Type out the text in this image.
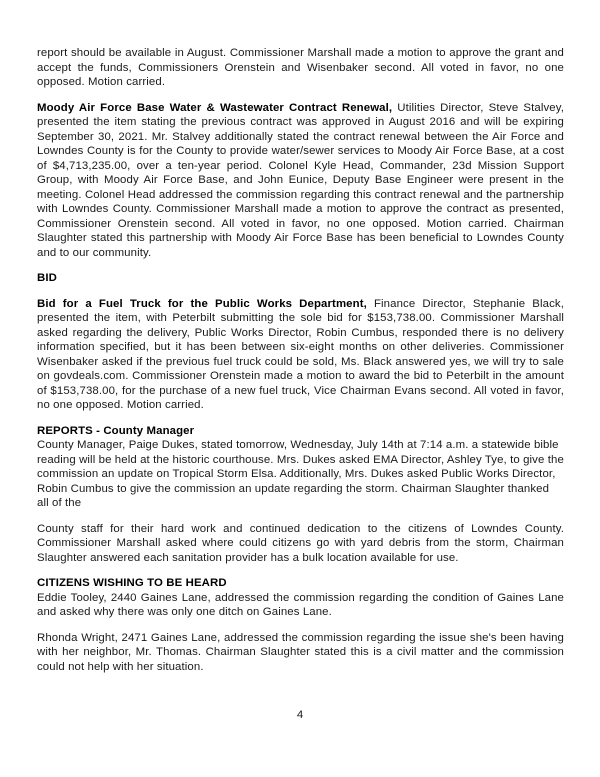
report should be available in August. Commissioner Marshall made a motion to approve the grant and accept the funds, Commissioners Orenstein and Wisenbaker second. All voted in favor, no one opposed. Motion carried.

Moody Air Force Base Water & Wastewater Contract Renewal, Utilities Director, Steve Stalvey, presented the item stating the previous contract was approved in August 2016 and will be expiring September 30, 2021. Mr. Stalvey additionally stated the contract renewal between the Air Force and Lowndes County is for the County to provide water/sewer services to Moody Air Force Base, at a cost of $4,713,235.00, over a ten-year period. Colonel Kyle Head, Commander, 23d Mission Support Group, with Moody Air Force Base, and John Eunice, Deputy Base Engineer were present in the meeting. Colonel Head addressed the commission regarding this contract renewal and the partnership with Lowndes County. Commissioner Marshall made a motion to approve the contract as presented, Commissioner Orenstein second. All voted in favor, no one opposed. Motion carried. Chairman Slaughter stated this partnership with Moody Air Force Base has been beneficial to Lowndes County and to our community.

BID

Bid for a Fuel Truck for the Public Works Department, Finance Director, Stephanie Black, presented the item, with Peterbilt submitting the sole bid for $153,738.00. Commissioner Marshall asked regarding the delivery, Public Works Director, Robin Cumbus, responded there is no delivery information specified, but it has been between six-eight months on other deliveries. Commissioner Wisenbaker asked if the previous fuel truck could be sold, Ms. Black answered yes, we will try to sale on govdeals.com. Commissioner Orenstein made a motion to award the bid to Peterbilt in the amount of $153,738.00, for the purchase of a new fuel truck, Vice Chairman Evans second. All voted in favor, no one opposed. Motion carried.

REPORTS - County Manager

County Manager, Paige Dukes, stated tomorrow, Wednesday, July 14th at 7:14 a.m. a statewide bible reading will be held at the historic courthouse. Mrs. Dukes asked EMA Director, Ashley Tye, to give the commission an update on Tropical Storm Elsa. Additionally, Mrs. Dukes asked Public Works Director, Robin Cumbus to give the commission an update regarding the storm. Chairman Slaughter thanked all of the

County staff for their hard work and continued dedication to the citizens of Lowndes County. Commissioner Marshall asked where could citizens go with yard debris from the storm, Chairman Slaughter answered each sanitation provider has a bulk location available for use.

CITIZENS WISHING TO BE HEARD

Eddie Tooley, 2440 Gaines Lane, addressed the commission regarding the condition of Gaines Lane and asked why there was only one ditch on Gaines Lane.

Rhonda Wright, 2471 Gaines Lane, addressed the commission regarding the issue she's been having with her neighbor, Mr. Thomas. Chairman Slaughter stated this is a civil matter and the commission could not help with her situation.

4
